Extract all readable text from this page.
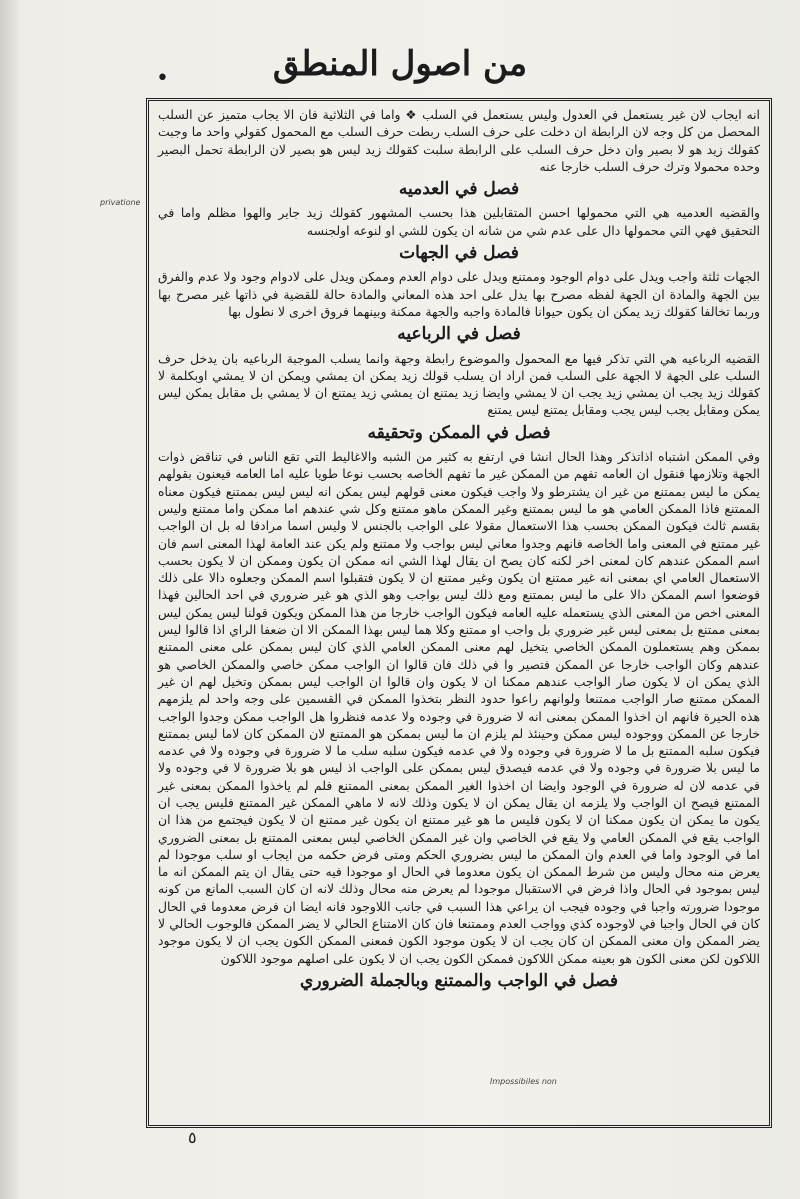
من اصول المنطق
•
privatione
Impossibiles non

انه ايجاب لان غير يستعمل في العدول وليس يستعمل في السلب ❖ واما في الثلاثية فان الا يجاب متميز عن السلب المحصل من كل وجه لان الرابطة ان دخلت على حرف السلب ربطت حرف السلب مع المحمول كقولي واحد ما وجبت كقولك زيد هو لا بصير وان دخل حرف السلب على الرابطة سلبت كقولك زيد ليس هو بصير لان الرابطة تحمل البصير وحده محمولا وترك حرف السلب خارجا عنه

فصل في العدميه

والقضيه العدميه هي التي محمولها احسن المتقابلين هذا بحسب المشهور كقولك زيد جاير والهوا مظلم واما في التحقيق فهي التي محمولها دال على عدم شي من شانه ان يكون للشي او لنوعه اولجنسه

فصل في الجهات

الجهات ثلثة واجب ويدل على دوام الوجود وممتنع ويدل على دوام العدم وممكن ويدل على لادوام وجود ولا عدم والفرق بين الجهة والمادة ان الجهة لفظه مصرح بها يدل على احد هذه المعاني والمادة حالة للقضية في ذاتها غير مصرح بها وربما تخالفا كقولك زيد يمكن ان يكون حيوانا فالمادة واجبه والجهة ممكنة وبينهما فروق اخرى لا نطول بها

فصل في الرباعيه

القضيه الرباعيه هي التي تذكر فيها مع المحمول والموضوع رابطة وجهة وانما يسلب الموجبة الرباعيه بان يدخل حرف السلب على الجهة لا الجهة على السلب فمن اراد ان يسلب قولك زيد يمكن ان يمشي ويمكن ان لا يمشي اوبكلمة لا كقولك زيد يجب ان يمشي زيد يجب ان لا يمشي وايضا زيد يمتنع ان يمشي زيد يمتنع ان لا يمشي بل مقابل يمكن ليس يمكن ومقابل يجب ليس يجب ومقابل يمتنع ليس يمتنع

فصل في الممكن وتحقيقه

وفي الممكن اشتباه اذاتذكر وهذا الحال انشا في ارتفع به كثير من الشبه والاغاليط التي تقع الناس في تناقض ذوات الجهة وتلازمها فنقول ان العامه تفهم من الممكن غير ما تفهم الخاصه بحسب نوعا طويا عليه اما العامه فيعنون بقولهم يمكن ما ليس بممتنع من غير ان يشترطو ولا واجب فيكون معنى قولهم ليس يمكن انه ليس ليس بممتنع فيكون معناه الممتنع فاذا الممكن العامي هو ما ليس بممتنع وغير الممكن ماهو ممتنع وكل شي عندهم اما ممكن واما ممتنع وليس بقسم ثالث فيكون الممكن بحسب هذا الاستعمال مقولا على الواجب بالجنس لا وليس اسما مرادفا له بل ان الواجب غير ممتنع في المعنى واما الخاصه فانهم وجدوا معاني ليس بواجب ولا ممتنع ولم يكن عند العامة لهذا المعنى اسم فان اسم الممكن عندهم كان لمعنى اخر لكنه كان يصح ان يقال لهذا الشي انه ممكن ان يكون وممكن ان لا يكون بحسب الاستعمال العامي اي بمعنى انه غير ممتنع ان يكون وغير ممتنع ان لا يكون فتقبلوا اسم الممكن وجعلوه دالا على ذلك فوضعوا اسم الممكن دالا على ما ليس بممتنع ومع ذلك ليس بواجب وهو الذي هو غير ضروري في احد الحالين فهذا المعنى اخص من المعنى الذي يستعمله عليه العامه فيكون الواجب خارجا من هذا الممكن ويكون قولنا ليس يمكن ليس بمعنى ممتنع بل بمعنى ليس غير ضروري بل واجب او ممتنع وكلا هما ليس بهذا الممكن الا ان ضعفا الراي اذا قالوا ليس بممكن وهم يستعملون الممكن الخاصي يتخيل لهم معنى الممكن العامي الذي كان ليس بممكن على معنى الممتنع عندهم وكان الواجب خارجا عن الممكن فتصير وا في ذلك فان قالوا ان الواجب ممكن خاصي والممكن الخاصي هو الذي يمكن ان لا يكون صار الواجب عندهم ممكنا ان لا يكون وان قالوا ان الواجب ليس بممكن وتخيل لهم ان غير الممكن ممتنع صار الواجب ممتنعا ولوانهم راعوا حدود النظر بتخذوا الممكن في القسمين على وجه واحد لم يلزمهم هذه الحيرة فانهم ان اخذوا الممكن بمعنى انه لا ضرورة في وجوده ولا عدمه فنظروا هل الواجب ممكن وجدوا الواجب خارجا عن الممكن ووجوده ليس ممكن وحينئذ لم يلزم ان ما ليس بممكن هو الممتنع لان الممكن كان لاما ليس بممتنع فيكون سلبه الممتنع بل ما لا ضرورة في وجوده ولا في عدمه فيكون سلبه سلب ما لا ضرورة في وجوده ولا في عدمه ما ليس بلا ضرورة في وجوده ولا في عدمه فيصدق ليس بممكن على الواجب اذ ليس هو بلا ضرورة لا في وجوده ولا في عدمه لان له ضرورة في الوجود وايضا ان اخذوا الغير الممكن بمعنى الممتنع فلم لم ياخذوا الممكن بمعنى غير الممتنع فيصح ان الواجب ولا يلزمه ان يقال يمكن ان لا يكون وذلك لانه لا ماهي الممكن غير الممتنع فليس يجب ان يكون ما يمكن ان يكون ممكنا ان لا يكون فليس ما هو غير ممتنع ان يكون غير ممتنع ان لا يكون فيجتمع من هذا ان الواجب يقع في الممكن العامي ولا يقع في الخاصي وان غير الممكن الخاصي ليس بمعنى الممتنع بل بمعنى الضروري اما في الوجود واما في العدم وان الممكن ما ليس بضروري الحكم ومتى فرض حكمه من ايجاب او سلب موجودا لم يعرض منه محال وليس من شرط الممكن ان يكون معدوما في الحال او موجودا فيه حتى يقال ان يتم الممكن انه ما ليس بموجود في الحال واذا فرض في الاستقبال موجودا لم يعرض منه محال وذلك لانه ان كان السبب المانع من كونه موجودا ضرورته واجبا في وجوده فيجب ان يراعي هذا السبب في جانب اللاوجود فانه ايضا ان فرض معدوما في الحال كان في الحال واجبا في لاوجوده كذي وواجب العدم وممتنعا فان كان الامتناع الحالي لا يضر الممكن فالوجوب الحالي لا يضر الممكن وان معنى الممكن ان كان يجب ان لا يكون موجود الكون فمعنى الممكن الكون يجب ان لا يكون موجود اللاكون لكن معنى الكون هو بعينه ممكن اللاكون فممكن الكون يجب ان لا يكون على اصلهم موجود اللاكون

فصل في الواجب والممتنع وبالجملة الضروري
٥
